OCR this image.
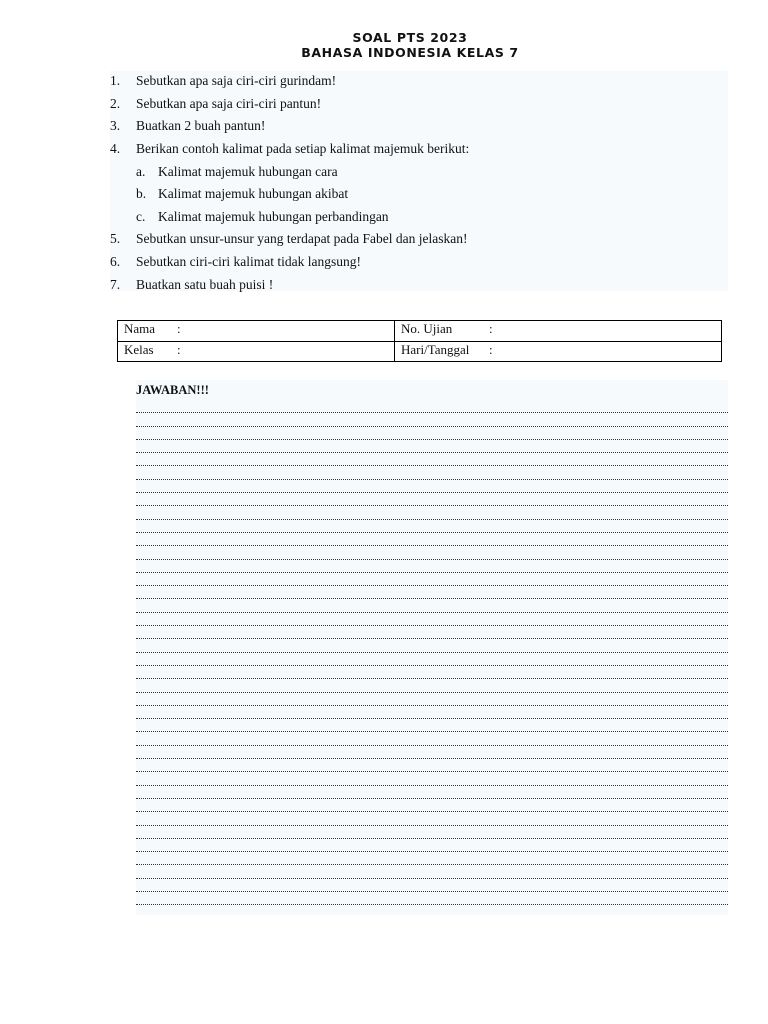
SOAL PTS 2023
BAHASA INDONESIA KELAS 7
1. Sebutkan apa saja ciri-ciri gurindam!
2. Sebutkan apa saja ciri-ciri pantun!
3. Buatkan 2 buah pantun!
4. Berikan contoh kalimat pada setiap kalimat majemuk berikut:
a. Kalimat majemuk hubungan cara
b. Kalimat majemuk hubungan akibat
c. Kalimat majemuk hubungan perbandingan
5. Sebutkan unsur-unsur yang terdapat pada Fabel dan jelaskan!
6. Sebutkan ciri-ciri kalimat tidak langsung!
7. Buatkan satu buah puisi !
Nama :
Kelas :
No. Ujian	:
Hari/Tanggal :
JAWABAN!!!
